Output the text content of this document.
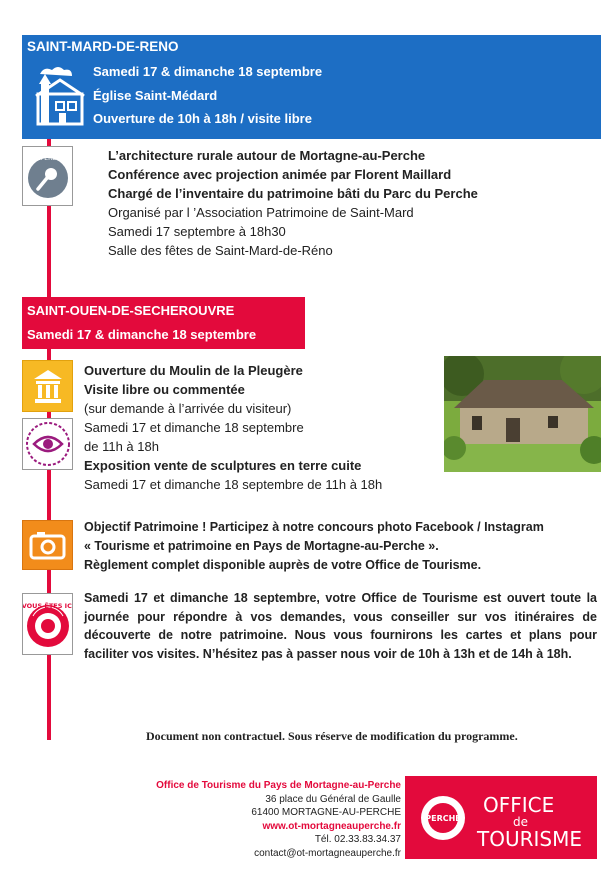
SAINT-MARD-DE-RENO
Samedi 17 & dimanche 18 septembre
Église Saint-Médard
Ouverture de 10h à 18h / visite libre
CONFÉRENCE	L’architecture rurale autour de Mortagne-au-Perche
Conférence avec projection animée par Florent Maillard
Chargé de l’inventaire du patrimoine bâti du Parc du Perche
Organisé par l ’Association Patrimoine de Saint-Mard
Samedi 17 septembre à 18h30
Salle des fêtes de Saint-Mard-de-Réno
SAINT-OUEN-DE-SECHEROUVRE
Samedi 17 & dimanche 18 septembre
Ouverture du Moulin de la Pleugère
Visite libre ou commentée
(sur demande à l’arrivée du visiteur)
Samedi 17 et dimanche 18 septembre
de 11h à 18h
Exposition vente de sculptures en terre cuite
Samedi 17 et dimanche 18 septembre de 11h à 18h
Objectif Patrimoine ! Participez à notre concours photo Facebook / Instagram
« Tourisme et patrimoine en Pays de Mortagne-au-Perche ».
Règlement complet disponible auprès de votre Office de Tourisme.
VOUS ÊTES ICI
Samedi 17 et dimanche 18 septembre, votre Office de Tourisme est ouvert toute la journée pour répondre à vos demandes, vous conseiller sur vos itinéraires de découverte de notre patrimoine. Nous vous fournirons les cartes et plans pour faciliter vos visites. N’hésitez pas à passer nous voir de 10h à 13h et de 14h à 18h.
Document non contractuel. Sous réserve de modification du programme.
Office de Tourisme du Pays de Mortagne-au-Perche
36 place du Général de Gaulle
61400 MORTAGNE-AU-PERCHE
www.ot-mortagneauperche.fr
Tél. 02.33.83.34.37
contact@ot-mortagneauperche.fr
PERCHE
OFFICE
de
TOURISME
